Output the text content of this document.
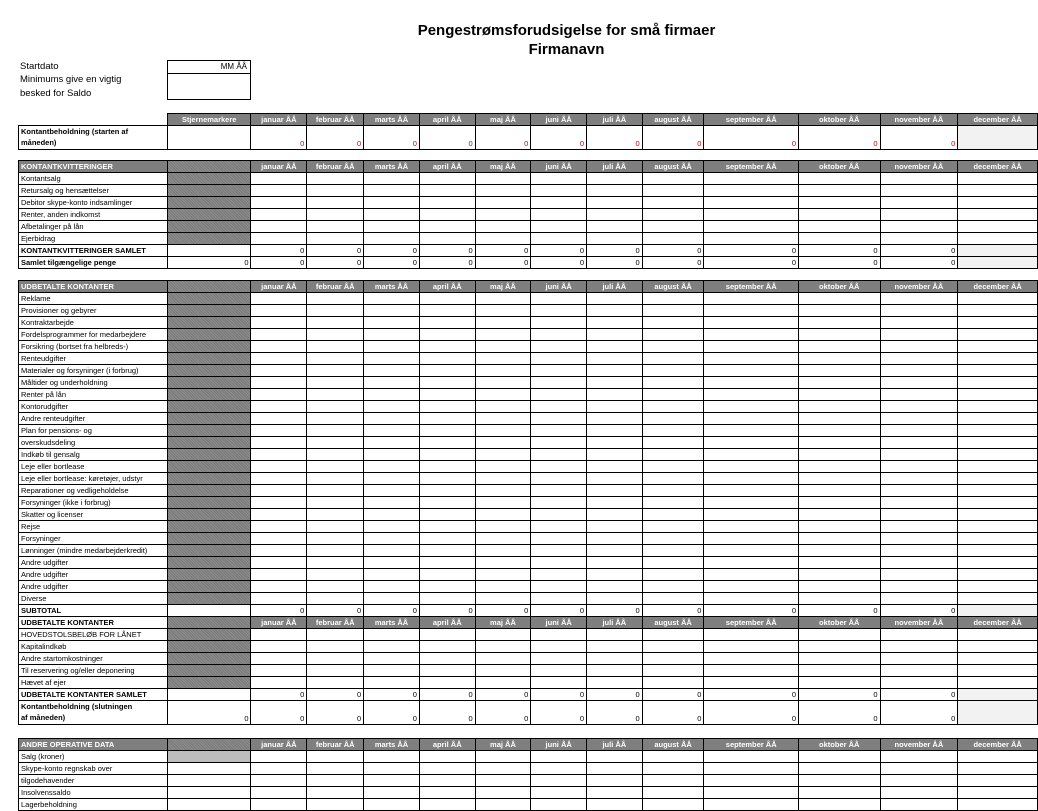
Pengestrømsforudsigelse for små firmaer
Firmanavn
Startdato
Minimums give en vigtig
besked for Saldo
MM ÅÅ
	Stjernemarkere	januar ÅÅ	februar ÅÅ	marts ÅÅ	april ÅÅ	maj ÅÅ	juni ÅÅ	juli ÅÅ	august ÅÅ	september ÅÅ	oktober ÅÅ	november ÅÅ	december ÅÅ

Kontantbeholdning (starten af
måneden)		0	0	0	0	0	0	0	0	0	0	0	

KONTANTKVITTERINGER		januar ÅÅ	februar ÅÅ	marts ÅÅ	april ÅÅ	maj ÅÅ	juni ÅÅ	juli ÅÅ	august ÅÅ	september ÅÅ	oktober ÅÅ	november ÅÅ	december ÅÅ
Kontantsalg													
Retursalg og hensættelser													
Debitor skype-konto indsamlinger													
Renter, anden indkomst													
Afbetalinger på lån													
Ejerbidrag													
KONTANTKVITTERINGER SAMLET		0	0	0	0	0	0	0	0	0	0	0	
Samlet tilgængelige penge	0	0	0	0	0	0	0	0	0	0	0	0	

UDBETALTE KONTANTER		januar ÅÅ	februar ÅÅ	marts ÅÅ	april ÅÅ	maj ÅÅ	juni ÅÅ	juli ÅÅ	august ÅÅ	september ÅÅ	oktober ÅÅ	november ÅÅ	december ÅÅ
Reklame													
Provisioner og gebyrer													
Kontraktarbejde													
Fordelsprogrammer for medarbejdere													
Forsikring (bortset fra helbreds-)													
Renteudgifter													
Materialer og forsyninger (i forbrug)													
Måltider og underholdning													
Renter på lån													
Kontorudgifter													
Andre renteudgifter													
Plan for pensions- og													
overskudsdeling													
Indkøb til gensalg													
Leje eller bortlease													
Leje eller bortlease: køretøjer, udstyr													
Reparationer og vedligeholdelse													
Forsyninger (ikke i forbrug)													
Skatter og licenser													
Rejse													
Forsyninger													
Lønninger (mindre medarbejderkredit)													
Andre udgifter													
Andre udgifter													
Andre udgifter													
Diverse													
SUBTOTAL		0	0	0	0	0	0	0	0	0	0	0	
UDBETALTE KONTANTER		januar ÅÅ	februar ÅÅ	marts ÅÅ	april ÅÅ	maj ÅÅ	juni ÅÅ	juli ÅÅ	august ÅÅ	september ÅÅ	oktober ÅÅ	november ÅÅ	december ÅÅ
HOVEDSTOLSBELØB FOR LÅNET													
Kapitalindkøb													
Andre startomkostninger													
Til reservering og/eller deponering													
Hævet af ejer													
UDBETALTE KONTANTER SAMLET		0	0	0	0	0	0	0	0	0	0	0	

Kontantbeholdning (slutningen
af måneden)	0	0	0	0	0	0	0	0	0	0	0	0	

ANDRE OPERATIVE DATA		januar ÅÅ	februar ÅÅ	marts ÅÅ	april ÅÅ	maj ÅÅ	juni ÅÅ	juli ÅÅ	august ÅÅ	september ÅÅ	oktober ÅÅ	november ÅÅ	december ÅÅ
Salg (kroner)													
Skype-konto regnskab over													
tilgodehavender													
Insolvenssaldo													
Lagerbeholdning													
